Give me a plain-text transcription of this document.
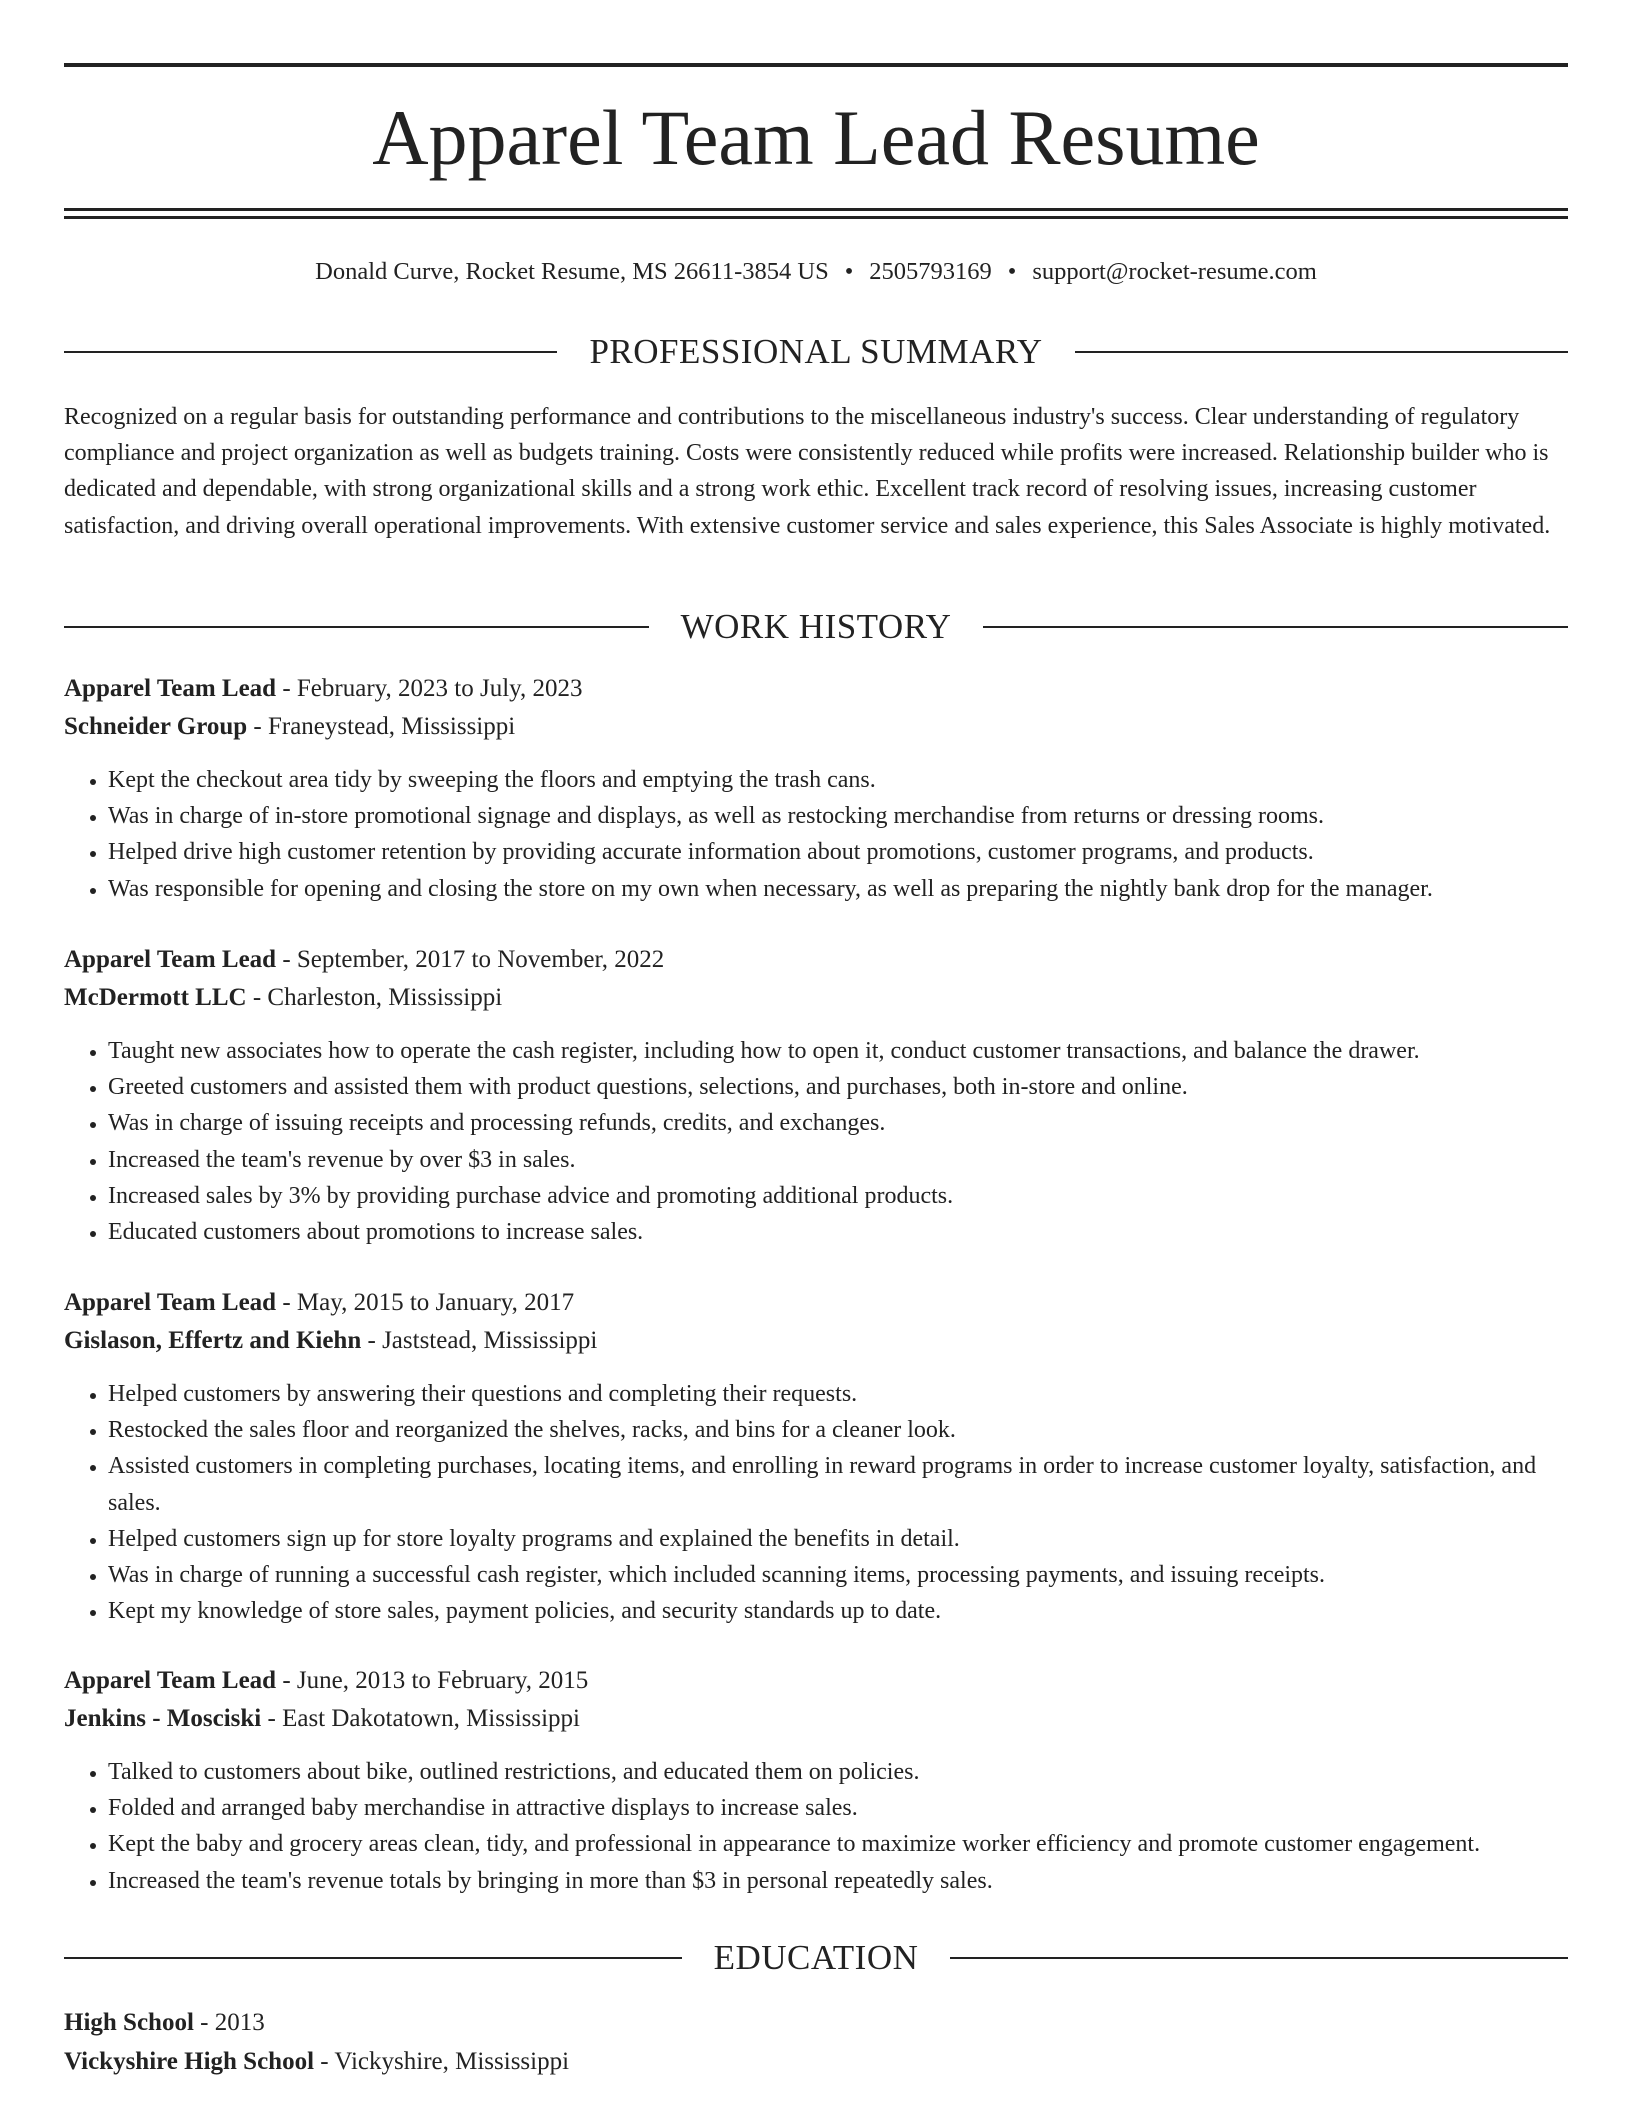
Apparel Team Lead Resume
Donald Curve, Rocket Resume, MS 26611-3854 US • 2505793169 • support@rocket-resume.com
PROFESSIONAL SUMMARY

Recognized on a regular basis for outstanding performance and contributions to the miscellaneous industry's success. Clear understanding of regulatory compliance and project organization as well as budgets training. Costs were consistently reduced while profits were increased. Relationship builder who is dedicated and dependable, with strong organizational skills and a strong work ethic. Excellent track record of resolving issues, increasing customer satisfaction, and driving overall operational improvements. With extensive customer service and sales experience, this Sales Associate is highly motivated.

WORK HISTORY
Apparel Team Lead - February, 2023 to July, 2023
Schneider Group - Franeystead, Mississippi
• Kept the checkout area tidy by sweeping the floors and emptying the trash cans.
• Was in charge of in-store promotional signage and displays, as well as restocking merchandise from returns or dressing rooms.
• Helped drive high customer retention by providing accurate information about promotions, customer programs, and products.
• Was responsible for opening and closing the store on my own when necessary, as well as preparing the nightly bank drop for the manager.
Apparel Team Lead - September, 2017 to November, 2022
McDermott LLC - Charleston, Mississippi
• Taught new associates how to operate the cash register, including how to open it, conduct customer transactions, and balance the drawer.
• Greeted customers and assisted them with product questions, selections, and purchases, both in-store and online.
• Was in charge of issuing receipts and processing refunds, credits, and exchanges.
• Increased the team's revenue by over $3 in sales.
• Increased sales by 3% by providing purchase advice and promoting additional products.
• Educated customers about promotions to increase sales.
Apparel Team Lead - May, 2015 to January, 2017
Gislason, Effertz and Kiehn - Jaststead, Mississippi
• Helped customers by answering their questions and completing their requests.
• Restocked the sales floor and reorganized the shelves, racks, and bins for a cleaner look.
• Assisted customers in completing purchases, locating items, and enrolling in reward programs in order to increase customer loyalty, satisfaction, and sales.
• Helped customers sign up for store loyalty programs and explained the benefits in detail.
• Was in charge of running a successful cash register, which included scanning items, processing payments, and issuing receipts.
• Kept my knowledge of store sales, payment policies, and security standards up to date.
Apparel Team Lead - June, 2013 to February, 2015
Jenkins - Mosciski - East Dakotatown, Mississippi
• Talked to customers about bike, outlined restrictions, and educated them on policies.
• Folded and arranged baby merchandise in attractive displays to increase sales.
• Kept the baby and grocery areas clean, tidy, and professional in appearance to maximize worker efficiency and promote customer engagement.
• Increased the team's revenue totals by bringing in more than $3 in personal repeatedly sales.
EDUCATION
High School - 2013
Vickyshire High School - Vickyshire, Mississippi
